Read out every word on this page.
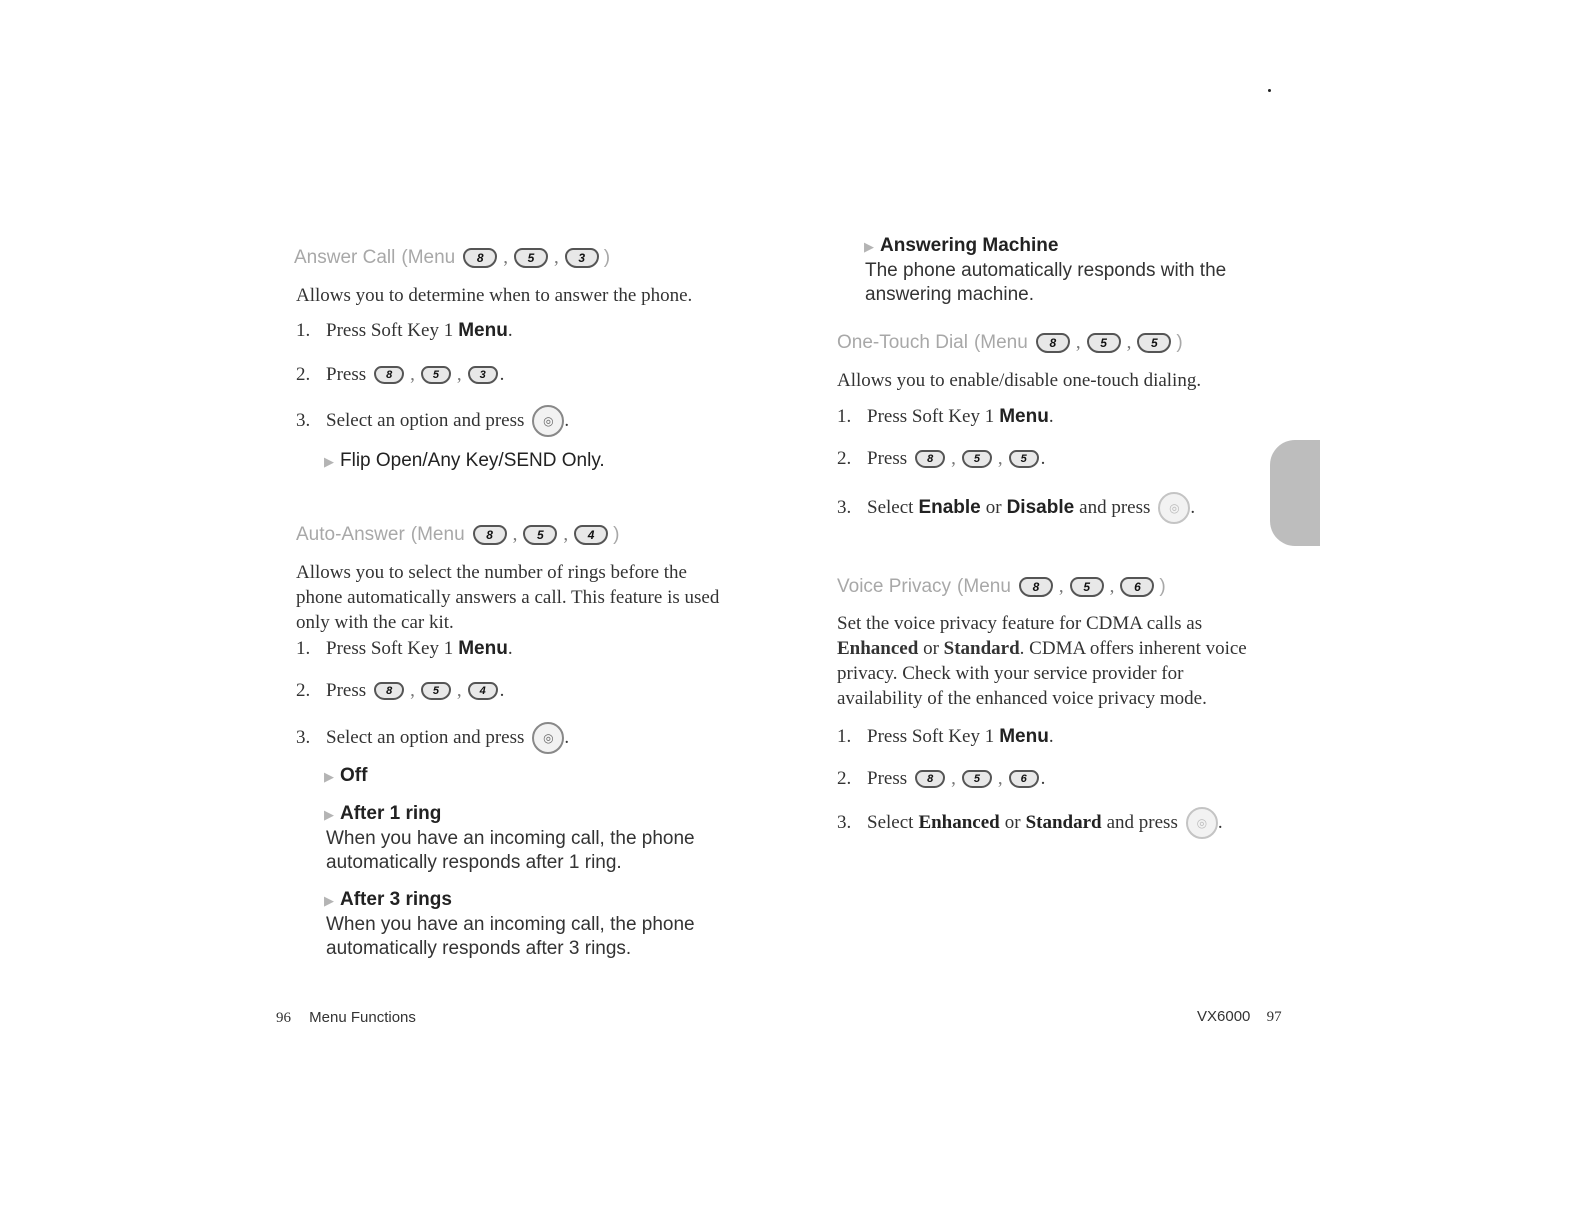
Answer Call (Menu	8	,	5	,	3 )
Allows you to determine when to answer the phone.
1. Press Soft Key 1 Menu .
2. Press	8 ,	5 ,	3 .
3. Select an option and press	◎ .
▶ Flip Open/Any Key/SEND Only.
Auto-Answer (Menu	8	,	5	,	4 )
Allows you to select the number of rings before the phone automatically answers a call. This feature is used only with the car kit.
1. Press Soft Key 1 Menu .
2. Press	8 ,	5 ,	4 .
3. Select an option and press	◎ .
▶ Off
▶ After 1 ring
When you have an incoming call, the phone automatically responds after 1 ring.
▶ After 3 rings
When you have an incoming call, the phone automatically responds after 3 rings.
96 Menu Functions
▶ Answering Machine
The phone automatically responds with the answering machine.
One-Touch Dial (Menu	8	,	5	,	5 )
Allows you to enable/disable one-touch dialing.
1. Press Soft Key 1 Menu .
2. Press	8 ,	5 ,	5 .
3. Select Enable or Disable and press	◎ .
Voice Privacy (Menu	8	,	5	,	6 )
Set the voice privacy feature for CDMA calls as Enhanced or Standard. CDMA offers inherent voice privacy. Check with your service provider for availability of the enhanced voice privacy mode.
1. Press Soft Key 1 Menu .
2. Press	8 ,	5 ,	6 .
3. Select Enhanced or Standard and press	◎ .
VX6000 97
